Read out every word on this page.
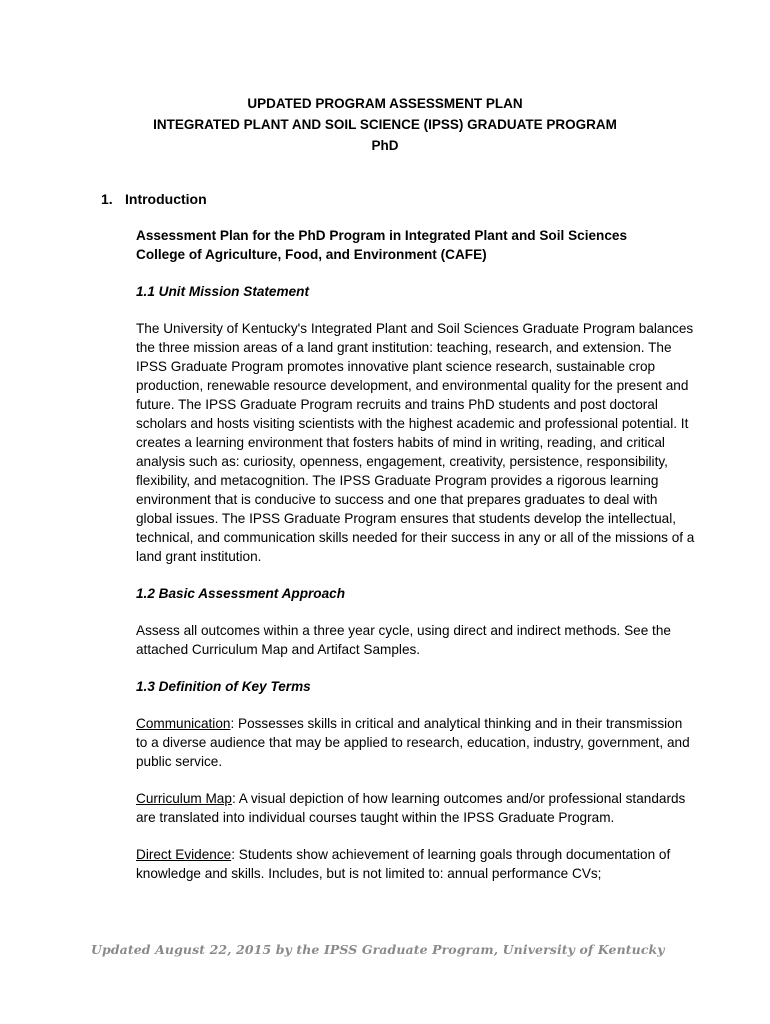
UPDATED PROGRAM ASSESSMENT PLAN
INTEGRATED PLANT AND SOIL SCIENCE (IPSS) GRADUATE PROGRAM
PhD
1. Introduction

Assessment Plan for the PhD Program in Integrated Plant and Soil Sciences
College of Agriculture, Food, and Environment (CAFE)

1.1 Unit Mission Statement

The University of Kentucky's Integrated Plant and Soil Sciences Graduate Program balances the three mission areas of a land grant institution: teaching, research, and extension. The IPSS Graduate Program promotes innovative plant science research, sustainable crop production, renewable resource development, and environmental quality for the present and future. The IPSS Graduate Program recruits and trains PhD students and post doctoral scholars and hosts visiting scientists with the highest academic and professional potential. It creates a learning environment that fosters habits of mind in writing, reading, and critical analysis such as: curiosity, openness, engagement, creativity, persistence, responsibility, flexibility, and metacognition. The IPSS Graduate Program provides a rigorous learning environment that is conducive to success and one that prepares graduates to deal with global issues. The IPSS Graduate Program ensures that students develop the intellectual, technical, and communication skills needed for their success in any or all of the missions of a land grant institution.

1.2 Basic Assessment Approach

Assess all outcomes within a three year cycle, using direct and indirect methods. See the attached Curriculum Map and Artifact Samples.

1.3 Definition of Key Terms

Communication: Possesses skills in critical and analytical thinking and in their transmission to a diverse audience that may be applied to research, education, industry, government, and public service.

Curriculum Map: A visual depiction of how learning outcomes and/or professional standards are translated into individual courses taught within the IPSS Graduate Program.

Direct Evidence: Students show achievement of learning goals through documentation of knowledge and skills. Includes, but is not limited to: annual performance CVs;

Updated August 22, 2015 by the IPSS Graduate Program, University of Kentucky
